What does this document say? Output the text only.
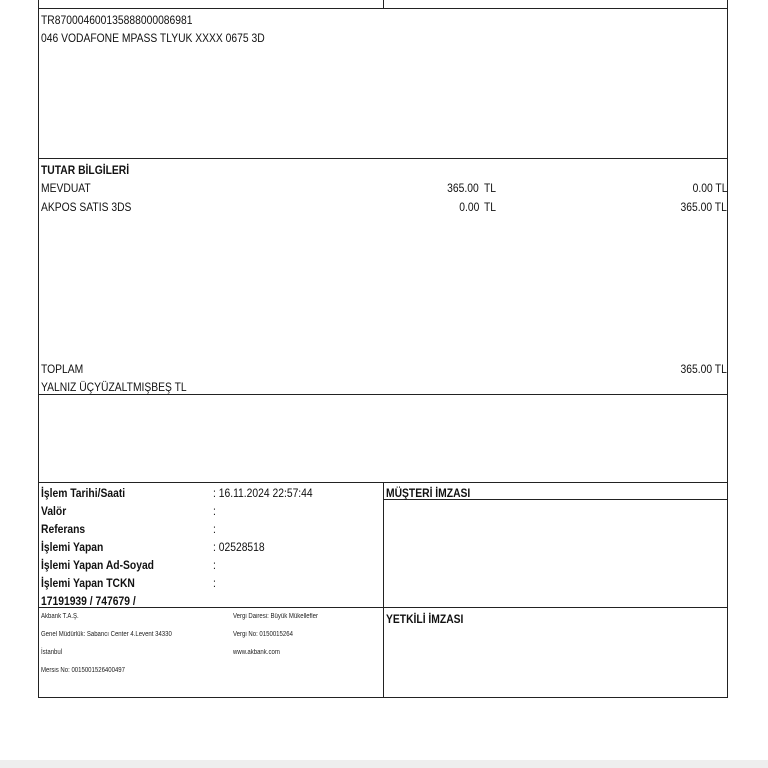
TR870004600135888000086981
046 VODAFONE MPASS TLYUK XXXX 0675 3D
TUTAR BİLGİLERİ
MEVDUAT	365.00 TL	0.00 TL
AKPOS SATIS 3DS	0.00 TL	365.00 TL
TOPLAM	365.00 TL
YALNIZ ÜÇYÜZALTMIŞBEŞ TL
İşlem Tarihi/Saati	: 16.11.2024 22:57:44
Valör	:
Referans	:
İşlemi Yapan	: 02528518
İşlemi Yapan Ad-Soyad	:
İşlemi Yapan TCKN	:
17191939 / 747679 /
MÜŞTERİ İMZASI
YETKİLİ İMZASI
Akbank T.A.Ş.
Genel Müdürlük: Sabancı Center 4.Levent 34330
İstanbul
Mersis No: 0015001526400497
Vergi Dairesi: Büyük Mükellefler
Vergi No: 0150015264
www.akbank.com
